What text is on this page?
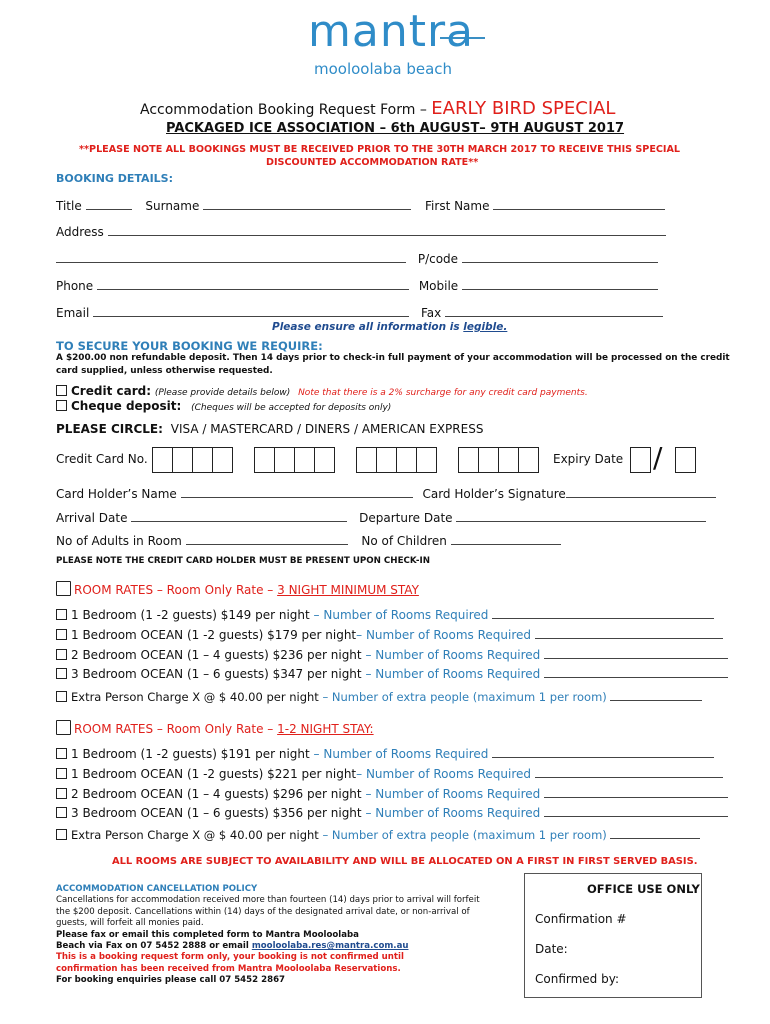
mantra
mooloolaba beach
Accommodation Booking Request Form – EARLY BIRD SPECIAL
PACKAGED ICE ASSOCIATION – 6th AUGUST– 9TH AUGUST 2017
**PLEASE NOTE ALL BOOKINGS MUST BE RECEIVED PRIOR TO THE 30TH MARCH 2017 TO RECEIVE THIS SPECIAL
DISCOUNTED ACCOMMODATION RATE**
BOOKING DETAILS:
Title	Surname	First Name
Address
P/code
Phone	Mobile
Email	Fax
Please ensure all information is legible.
TO SECURE YOUR BOOKING WE REQUIRE:
A $200.00 non refundable deposit. Then 14 days prior to check-in full payment of your accommodation will be processed on the credit
card supplied, unless otherwise requested.
Credit card: (Please provide details below) Note that there is a 2% surcharge for any credit card payments.
Cheque deposit: (Cheques will be accepted for deposits only)
PLEASE CIRCLE: VISA / MASTERCARD / DINERS / AMERICAN EXPRESS
Credit Card No.	Expiry Date /
Card Holder’s Name	Card Holder’s Signature
Arrival Date	Departure Date
No of Adults in Room	No of Children
PLEASE NOTE THE CREDIT CARD HOLDER MUST BE PRESENT UPON CHECK-IN
ROOM RATES – Room Only Rate – 3 NIGHT MINIMUM STAY
1 Bedroom (1 -2 guests) $149 per night – Number of Rooms Required
1 Bedroom OCEAN (1 -2 guests) $179 per night– Number of Rooms Required
2 Bedroom OCEAN (1 – 4 guests) $236 per night – Number of Rooms Required
3 Bedroom OCEAN (1 – 6 guests) $347 per night – Number of Rooms Required
Extra Person Charge X @ $ 40.00 per night – Number of extra people (maximum 1 per room)
ROOM RATES – Room Only Rate – 1-2 NIGHT STAY:
1 Bedroom (1 -2 guests) $191 per night – Number of Rooms Required
1 Bedroom OCEAN (1 -2 guests) $221 per night– Number of Rooms Required
2 Bedroom OCEAN (1 – 4 guests) $296 per night – Number of Rooms Required
3 Bedroom OCEAN (1 – 6 guests) $356 per night – Number of Rooms Required
Extra Person Charge X @ $ 40.00 per night – Number of extra people (maximum 1 per room)
ALL ROOMS ARE SUBJECT TO AVAILABILITY AND WILL BE ALLOCATED ON A FIRST IN FIRST SERVED BASIS.
ACCOMMODATION CANCELLATION POLICY
Cancellations for accommodation received more than fourteen (14) days prior to arrival will forfeit
the $200 deposit. Cancellations within (14) days of the designated arrival date, or non-arrival of
guests, will forfeit all monies paid.
Please fax or email this completed form to Mantra Mooloolaba
Beach via Fax on 07 5452 2888 or email mooloolaba.res@mantra.com.au
This is a booking request form only, your booking is not confirmed until
confirmation has been received from Mantra Mooloolaba Reservations.
For booking enquiries please call 07 5452 2867
OFFICE USE ONLY
Confirmation #
Date:
Confirmed by:
